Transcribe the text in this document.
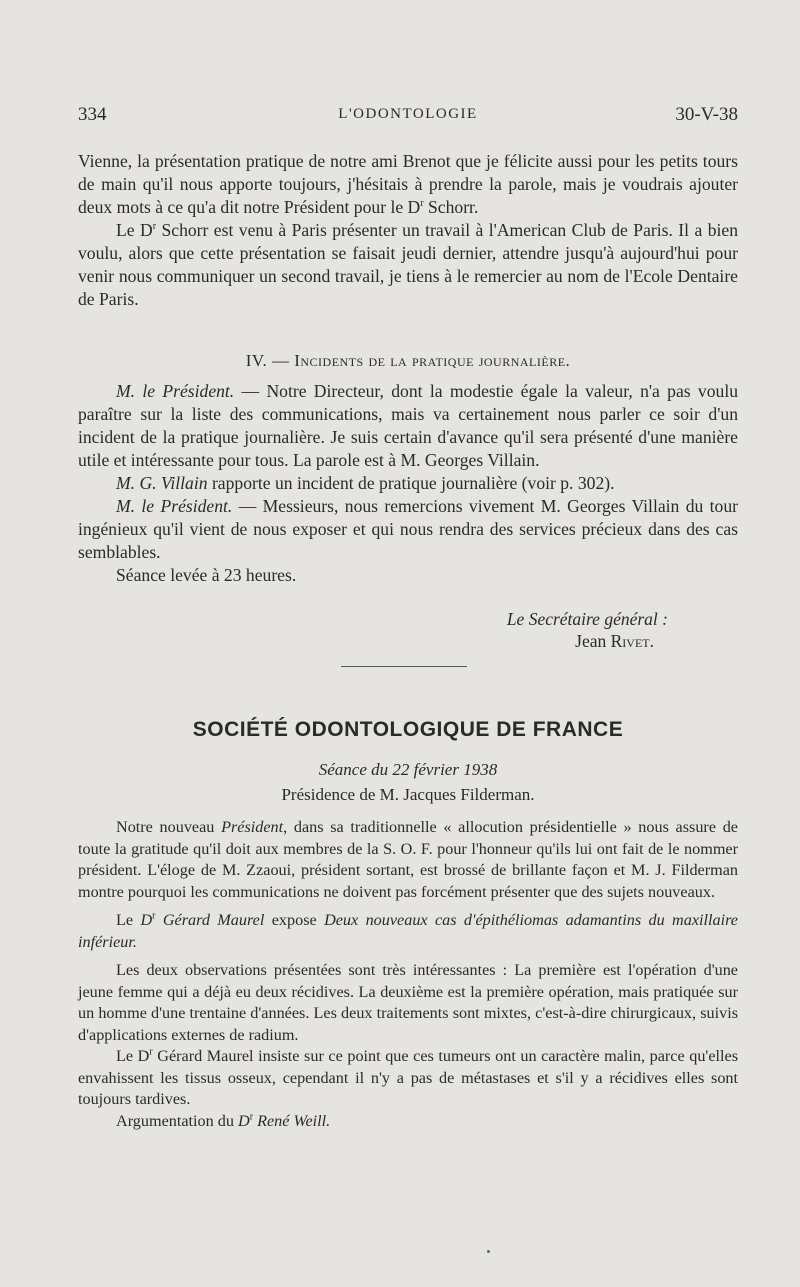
334	L'ODONTOLOGIE	30-V-38

Vienne, la présentation pratique de notre ami Brenot que je félicite aussi pour les petits tours de main qu'il nous apporte toujours, j'hésitais à prendre la parole, mais je voudrais ajouter deux mots à ce qu'a dit notre Président pour le $D^r$ Schorr.

Le $D^r$ Schorr est venu à Paris présenter un travail à l'American Club de Paris. Il a bien voulu, alors que cette présentation se faisait jeudi dernier, attendre jusqu'à aujourd'hui pour venir nous communiquer un second travail, je tiens à le remercier au nom de l'Ecole Dentaire de Paris.

IV. — Incidents de la pratique journalière.

M. le Président. — Notre Directeur, dont la modestie égale la valeur, n'a pas voulu paraître sur la liste des communications, mais va certainement nous parler ce soir d'un incident de la pratique journalière. Je suis certain d'avance qu'il sera présenté d'une manière utile et intéressante pour tous. La parole est à M. Georges Villain.

M. G. Villain rapporte un incident de pratique journalière (voir p. 302).

M. le Président. — Messieurs, nous remercions vivement M. Georges Villain du tour ingénieux qu'il vient de nous exposer et qui nous rendra des services précieux dans des cas semblables.

Séance levée à 23 heures.

Le Secrétaire général :
Jean Rivet.
SOCIÉTÉ ODONTOLOGIQUE DE FRANCE
Séance du 22 février 1938
Présidence de M. Jacques Filderman.

Notre nouveau Président, dans sa traditionnelle « allocution présidentielle » nous assure de toute la gratitude qu'il doit aux membres de la S. O. F. pour l'honneur qu'ils lui ont fait de le nommer président. L'éloge de M. Zzaoui, président sortant, est brossé de brillante façon et M. J. Filderman montre pourquoi les communications ne doivent pas forcément présenter que des sujets nouveaux.

Le $D^r$ Gérard Maurel expose Deux nouveaux cas d'épithéliomas adamantins du maxillaire inférieur.

Les deux observations présentées sont très intéressantes : La première est l'opération d'une jeune femme qui a déjà eu deux récidives. La deuxième est la première opération, mais pratiquée sur un homme d'une trentaine d'années. Les deux traitements sont mixtes, c'est-à-dire chirurgicaux, suivis d'applications externes de radium.

Le $D^r$ Gérard Maurel insiste sur ce point que ces tumeurs ont un caractère malin, parce qu'elles envahissent les tissus osseux, cependant il n'y a pas de métastases et s'il y a récidives elles sont toujours tardives.

Argumentation du $D^r$ René Weill.
